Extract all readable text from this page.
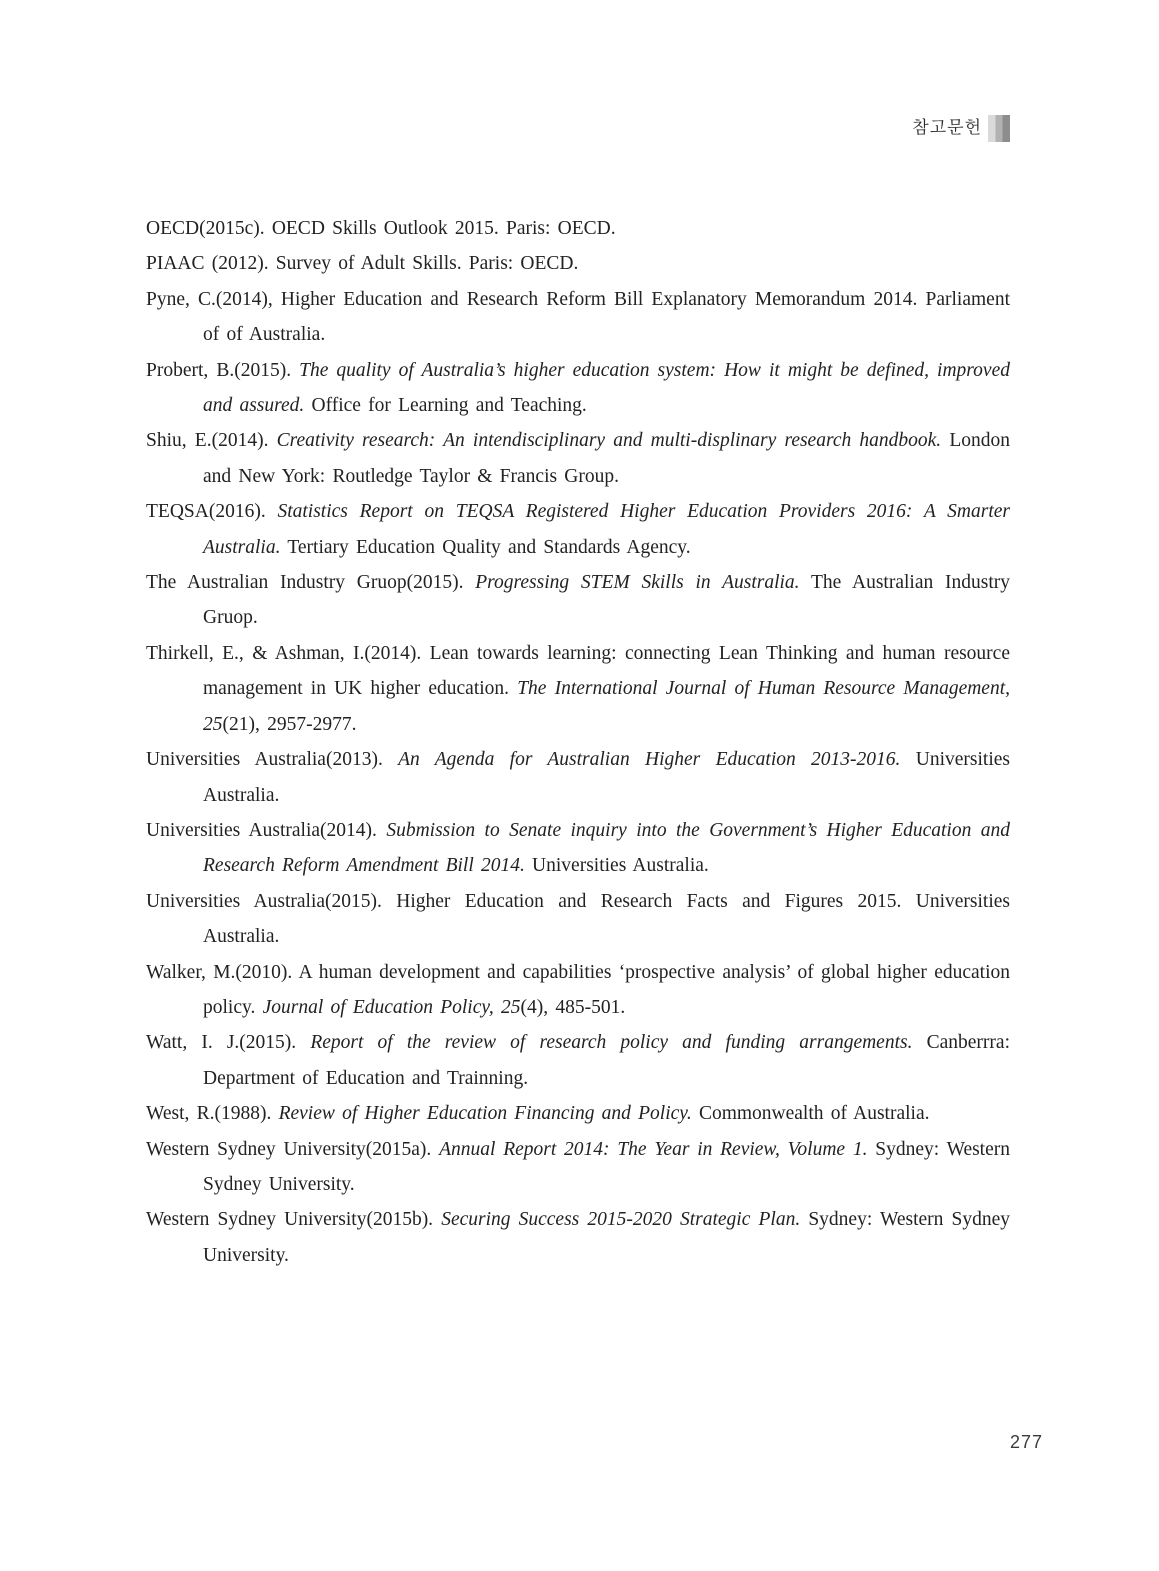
참고문헌

OECD(2015c). OECD Skills Outlook 2015. Paris: OECD.

PIAAC (2012). Survey of Adult Skills. Paris: OECD.

Pyne, C.(2014), Higher Education and Research Reform Bill Explanatory Memorandum 2014. Parliament of of Australia.

Probert, B.(2015). The quality of Australia’s higher education system: How it might be defined, improved and assured. Office for Learning and Teaching.

Shiu, E.(2014). Creativity research: An intendisciplinary and multi-displinary research handbook. London and New York: Routledge Taylor & Francis Group.

TEQSA(2016). Statistics Report on TEQSA Registered Higher Education Providers 2016: A Smarter Australia. Tertiary Education Quality and Standards Agency.

The Australian Industry Gruop(2015). Progressing STEM Skills in Australia. The Australian Industry Gruop.

Thirkell, E., & Ashman, I.(2014). Lean towards learning: connecting Lean Thinking and human resource management in UK higher education. The International Journal of Human Resource Management, 25(21), 2957-2977.

Universities Australia(2013). An Agenda for Australian Higher Education 2013-2016. Universities Australia.

Universities Australia(2014). Submission to Senate inquiry into the Government’s Higher Education and Research Reform Amendment Bill 2014. Universities Australia.

Universities Australia(2015). Higher Education and Research Facts and Figures 2015. Universities Australia.

Walker, M.(2010). A human development and capabilities ‘prospective analysis’ of global higher education policy. Journal of Education Policy, 25(4), 485-501.

Watt, I. J.(2015). Report of the review of research policy and funding arrangements. Canberrra: Department of Education and Trainning.

West, R.(1988). Review of Higher Education Financing and Policy. Commonwealth of Australia.

Western Sydney University(2015a). Annual Report 2014: The Year in Review, Volume 1. Sydney: Western Sydney University.

Western Sydney University(2015b). Securing Success 2015-2020 Strategic Plan. Sydney: Western Sydney University.

277
